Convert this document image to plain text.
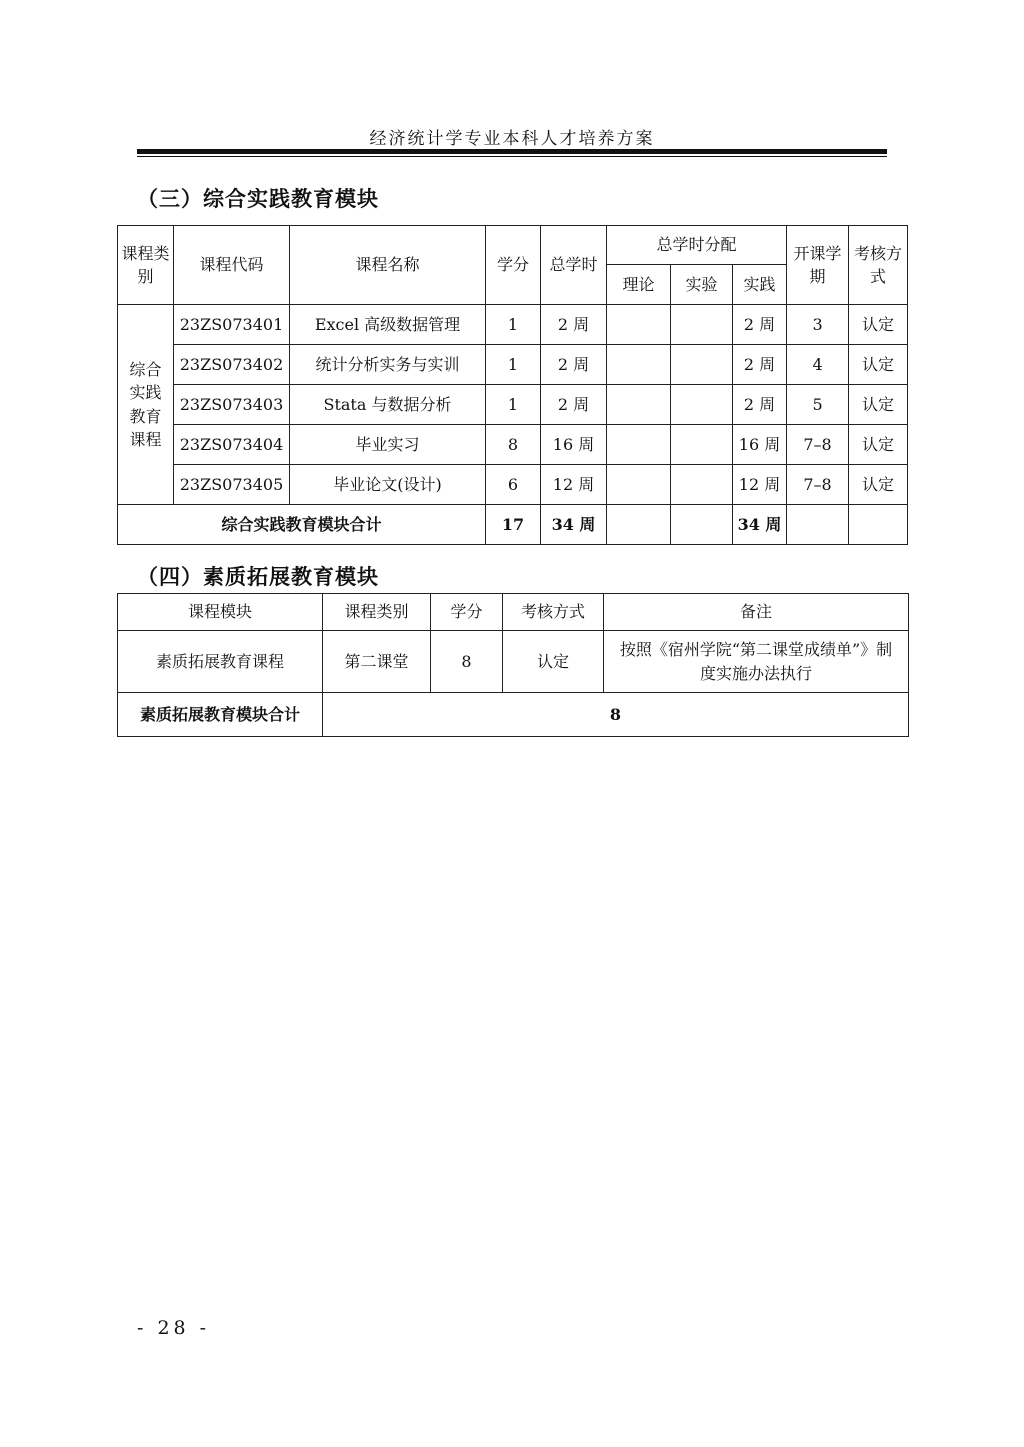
经济统计学专业本科人才培养方案
（三）综合实践教育模块
课程类别	课程代码	课程名称	学分	总学时	总学时分配			开课学期	考核方式
					理论	实验	实践		
综合实践教育课程	23ZS073401	Excel 高级数据管理	1	2 周			2 周	3	认定
	23ZS073402	统计分析实务与实训	1	2 周			2 周	4	认定
	23ZS073403	Stata 与数据分析	1	2 周			2 周	5	认定
	23ZS073404	毕业实习	8	16 周			16 周	7–8	认定
	23ZS073405	毕业论文(设计)	6	12 周			12 周	7–8	认定
综合实践教育模块合计			17	34 周			34 周		
（四）素质拓展教育模块
课程模块	课程类别	学分	考核方式	备注
素质拓展教育课程	第二课堂	8	认定	按照《宿州学院“第二课堂成绩单”》制度实施办法执行
素质拓展教育模块合计	8			
- 28 -
